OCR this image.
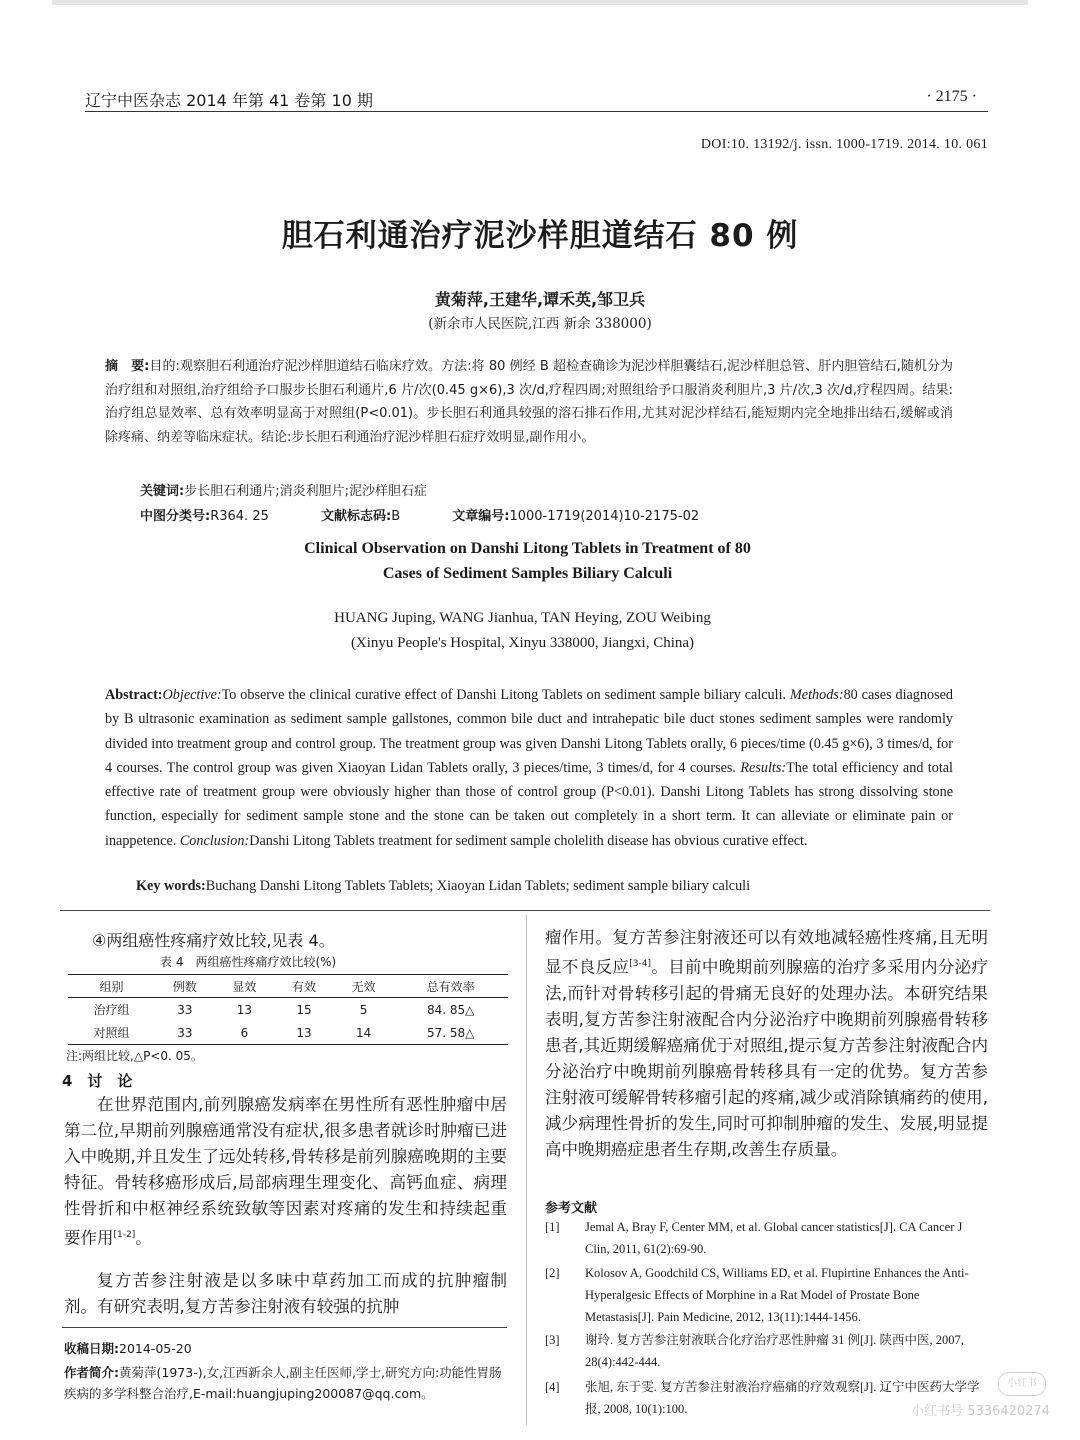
辽宁中医杂志 2014 年第 41 卷第 10 期	· 2175 ·
DOI:10. 13192/j. issn. 1000-1719. 2014. 10. 061
胆石利通治疗泥沙样胆道结石 80 例
黄菊萍,王建华,谭禾英,邹卫兵
(新余市人民医院,江西 新余 338000)

摘　要:目的:观察胆石利通治疗泥沙样胆道结石临床疗效。方法:将 80 例经 B 超检查确诊为泥沙样胆囊结石,泥沙样胆总管、肝内胆管结石,随机分为治疗组和对照组,治疗组给予口服步长胆石利通片,6 片/次(0.45 g×6),3 次/d,疗程四周;对照组给予口服消炎利胆片,3 片/次,3 次/d,疗程四周。结果:治疗组总显效率、总有效率明显高于对照组(P<0.01)。步长胆石利通具较强的溶石排石作用,尤其对泥沙样结石,能短期内完全地排出结石,缓解或消除疼痛、纳差等临床症状。结论:步长胆石利通治疗泥沙样胆石症疗效明显,副作用小。

关键词:步长胆石利通片;消炎利胆片;泥沙样胆石症
中图分类号:R364. 25	文献标志码:B	文章编号:1000-1719(2014)10-2175-02
Clinical Observation on Danshi Litong Tablets in Treatment of 80
Cases of Sediment Samples Biliary Calculi
HUANG Juping, WANG Jianhua, TAN Heying, ZOU Weibing
(Xinyu People's Hospital, Xinyu 338000, Jiangxi, China)

Abstract:Objective:To observe the clinical curative effect of Danshi Litong Tablets on sediment sample biliary calculi. Methods:80 cases diagnosed by B ultrasonic examination as sediment sample gallstones, common bile duct and intrahepatic bile duct stones sediment samples were randomly divided into treatment group and control group. The treatment group was given Danshi Litong Tablets orally, 6 pieces/time (0.45 g×6), 3 times/d, for 4 courses. The control group was given Xiaoyan Lidan Tablets orally, 3 pieces/time, 3 times/d, for 4 courses. Results:The total efficiency and total effective rate of treatment group were obviously higher than those of control group (P<0.01). Danshi Litong Tablets has strong dissolving stone function, especially for sediment sample stone and the stone can be taken out completely in a short term. It can alleviate or eliminate pain or inappetence. Conclusion:Danshi Litong Tablets treatment for sediment sample cholelith disease has obvious curative effect.

Key words:Buchang Danshi Litong Tablets Tablets; Xiaoyan Lidan Tablets; sediment sample biliary calculi
④两组癌性疼痛疗效比较,见表 4。
表 4　两组癌性疼痛疗效比较(%)
组别	例数	显效	有效	无效	总有效率
治疗组	33	13	15	5	84. 85△
对照组	33	6	13	14	57. 58△
注:两组比较,△P<0. 05。
4　讨　论

在世界范围内,前列腺癌发病率在男性所有恶性肿瘤中居第二位,早期前列腺癌通常没有症状,很多患者就诊时肿瘤已进入中晚期,并且发生了远处转移,骨转移是前列腺癌晚期的主要特征。骨转移癌形成后,局部病理生理变化、高钙血症、病理性骨折和中枢神经系统致敏等因素对疼痛的发生和持续起重要作用[1-2]。

复方苦参注射液是以多味中草药加工而成的抗肿瘤制剂。有研究表明,复方苦参注射液有较强的抗肿

收稿日期:2014-05-20

作者简介:黄菊萍(1973-),女,江西新余人,副主任医师,学士,研究方向:功能性胃肠疾病的多学科整合治疗,E-mail:huangjuping200087@qq.com。

瘤作用。复方苦参注射液还可以有效地减轻癌性疼痛,且无明显不良反应[3-4]。目前中晚期前列腺癌的治疗多采用内分泌疗法,而针对骨转移引起的骨痛无良好的处理办法。本研究结果表明,复方苦参注射液配合内分泌治疗中晚期前列腺癌骨转移患者,其近期缓解癌痛优于对照组,提示复方苦参注射液配合内分泌治疗中晚期前列腺癌骨转移具有一定的优势。复方苦参注射液可缓解骨转移瘤引起的疼痛,减少或消除镇痛药的使用,减少病理性骨折的发生,同时可抑制肿瘤的发生、发展,明显提高中晚期癌症患者生存期,改善生存质量。

参考文献
[1]	Jemal A, Bray F, Center MM, et al. Global cancer statistics[J]. CA Cancer J Clin, 2011, 61(2):69-90.
[2]	Kolosov A, Goodchild CS, Williams ED, et al. Flupirtine Enhances the Anti-Hyperalgesic Effects of Morphine in a Rat Model of Prostate Bone Metastasis[J]. Pain Medicine, 2012, 13(11):1444-1456.
[3]	谢玲. 复方苦参注射液联合化疗治疗恶性肿瘤 31 例[J]. 陕西中医, 2007, 28(4):442-444.
[4]	张旭, 东于雯. 复方苦参注射液治疗癌痛的疗效观察[J]. 辽宁中医药大学学报, 2008, 10(1):100.
小红书
小红书号 5336420274
